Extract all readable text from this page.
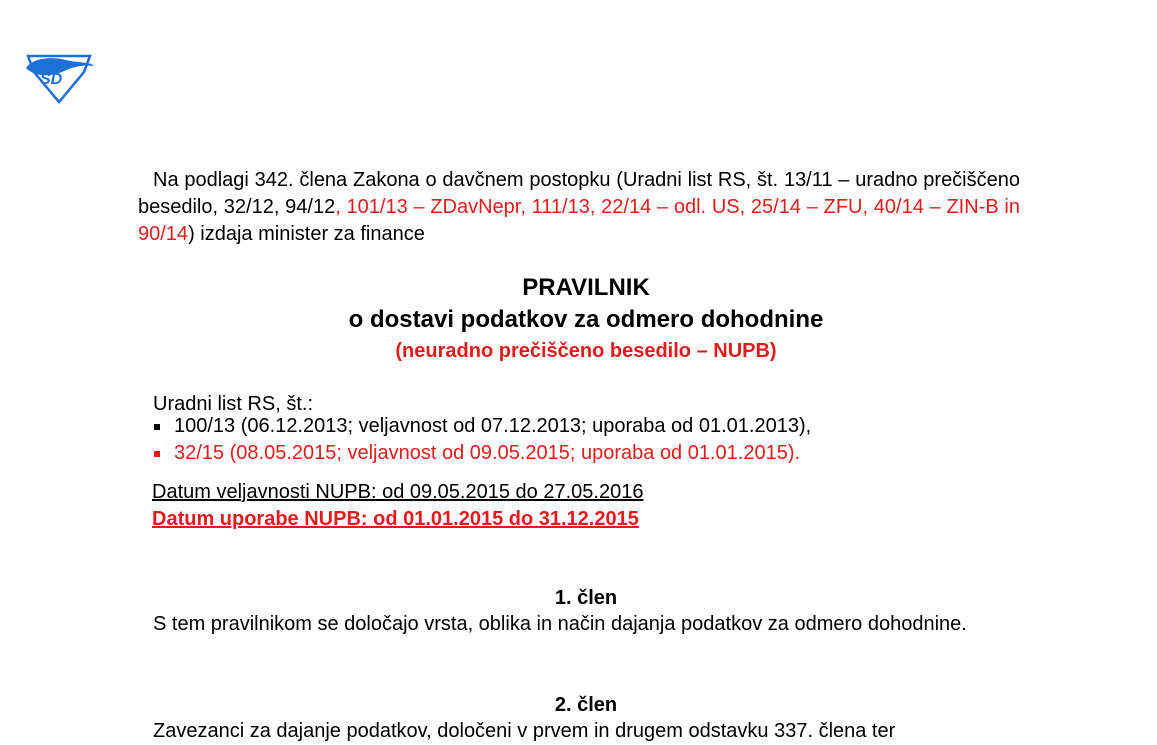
SD

Na podlagi 342. člena Zakona o davčnem postopku (Uradni list RS, št. 13/11 – uradno prečiščeno besedilo, 32/12, 94/12, 101/13 – ZDavNepr, 111/13, 22/14 – odl. US, 25/14 – ZFU, 40/14 – ZIN-B in 90/14) izdaja minister za finance

PRAVILNIK

o dostavi podatkov za odmero dohodnine

(neuradno prečiščeno besedilo – NUPB)

Uradni list RS, št.:
100/13 (06.12.2013; veljavnost od 07.12.2013; uporaba od 01.01.2013),
32/15 (08.05.2015; veljavnost od 09.05.2015; uporaba od 01.01.2015).
Datum veljavnosti NUPB: od 09.05.2015 do 27.05.2016
Datum uporabe NUPB: od 01.01.2015 do 31.12.2015

1. člen

S tem pravilnikom se določajo vrsta, oblika in način dajanja podatkov za odmero dohodnine.

2. člen

Zavezanci za dajanje podatkov, določeni v prvem in drugem odstavku 337. člena ter
